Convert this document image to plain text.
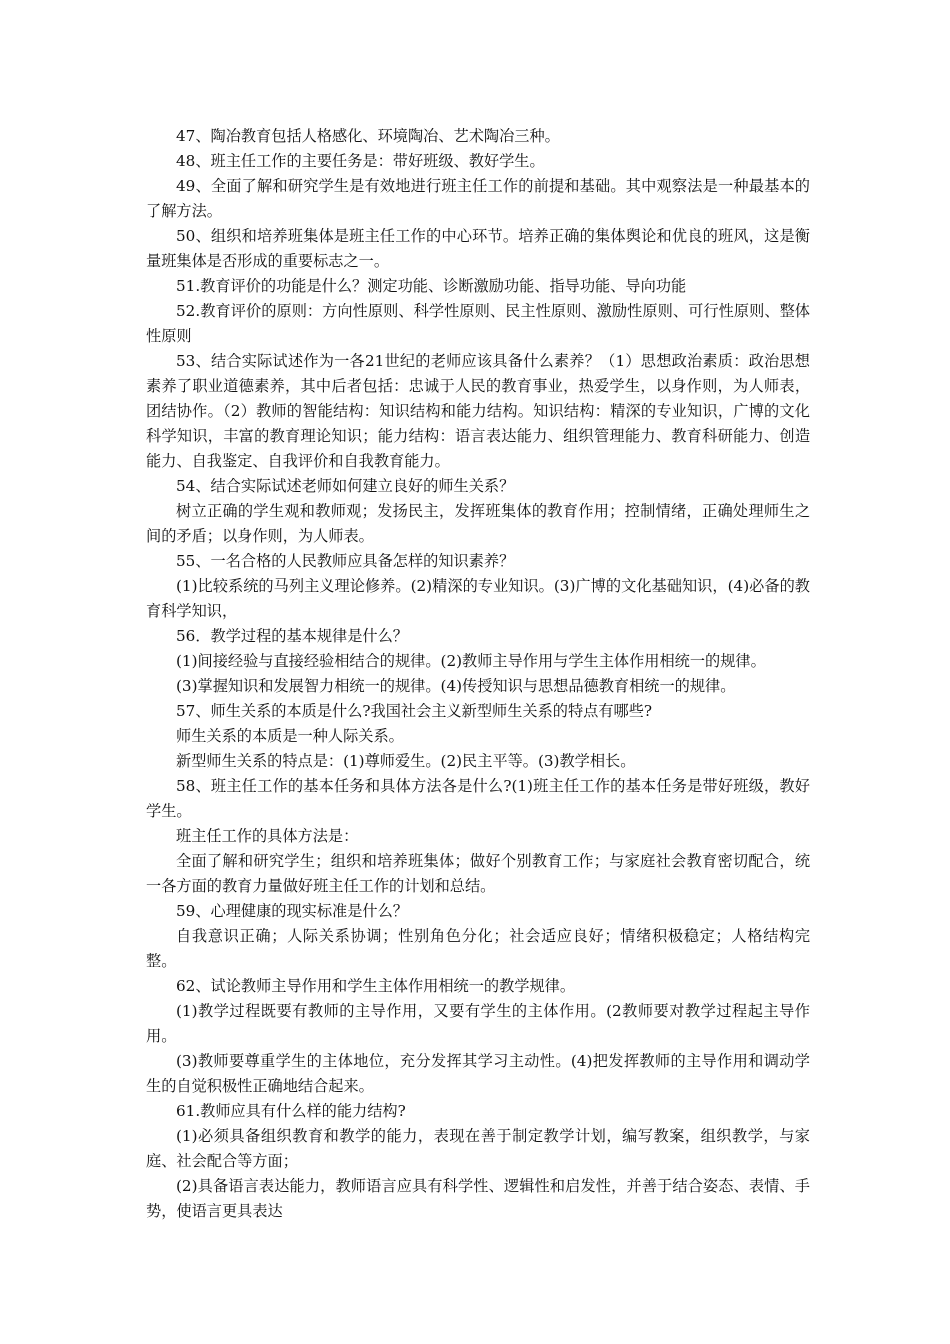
47、陶冶教育包括人格感化、环境陶冶、艺术陶冶三种。

48、班主任工作的主要任务是：带好班级、教好学生。

49、全面了解和研究学生是有效地进行班主任工作的前提和基础。其中观察法是一种最基本的了解方法。

50、组织和培养班集体是班主任工作的中心环节。培养正确的集体舆论和优良的班风，这是衡量班集体是否形成的重要标志之一。

51.教育评价的功能是什么？测定功能、诊断激励功能、指导功能、导向功能

52.教育评价的原则：方向性原则、科学性原则、民主性原则、激励性原则、可行性原则、整体性原则

53、结合实际试述作为一各21世纪的老师应该具备什么素养？（1）思想政治素质：政治思想素养了职业道德素养，其中后者包括：忠诚于人民的教育事业，热爱学生，以身作则，为人师表，团结协作。（2）教师的智能结构：知识结构和能力结构。知识结构：精深的专业知识，广博的文化科学知识，丰富的教育理论知识；能力结构：语言表达能力、组织管理能力、教育科研能力、创造能力、自我鉴定、自我评价和自我教育能力。

54、结合实际试述老师如何建立良好的师生关系？

树立正确的学生观和教师观；发扬民主，发挥班集体的教育作用；控制情绪，正确处理师生之间的矛盾；以身作则，为人师表。

55、一名合格的人民教师应具备怎样的知识素养？

(1)比较系统的马列主义理论修养。(2)精深的专业知识。(3)广博的文化基础知识，(4)必备的教育科学知识，

56．教学过程的基本规律是什么？

(1)间接经验与直接经验相结合的规律。(2)教师主导作用与学生主体作用相统一的规律。

(3)掌握知识和发展智力相统一的规律。(4)传授知识与思想品德教育相统一的规律。

57、师生关系的本质是什么?我国社会主义新型师生关系的特点有哪些?

师生关系的本质是一种人际关系。

新型师生关系的特点是：(1)尊师爱生。(2)民主平等。(3)教学相长。

58、班主任工作的基本任务和具体方法各是什么?(1)班主任工作的基本任务是带好班级，教好学生。

班主任工作的具体方法是：

全面了解和研究学生；组织和培养班集体；做好个别教育工作；与家庭社会教育密切配合，统一各方面的教育力量做好班主任工作的计划和总结。

59、心理健康的现实标准是什么？

自我意识正确；人际关系协调；性别角色分化；社会适应良好；情绪积极稳定；人格结构完整。

62、试论教师主导作用和学生主体作用相统一的教学规律。

(1)教学过程既要有教师的主导作用，又要有学生的主体作用。(2教师要对教学过程起主导作用。

(3)教师要尊重学生的主体地位，充分发挥其学习主动性。(4)把发挥教师的主导作用和调动学生的自觉积极性正确地结合起来。

61.教师应具有什么样的能力结构?

(1)必须具备组织教育和教学的能力，表现在善于制定教学计划，编写教案，组织教学，与家庭、社会配合等方面；

(2)具备语言表达能力，教师语言应具有科学性、逻辑性和启发性，并善于结合姿态、表情、手势，使语言更具表达
